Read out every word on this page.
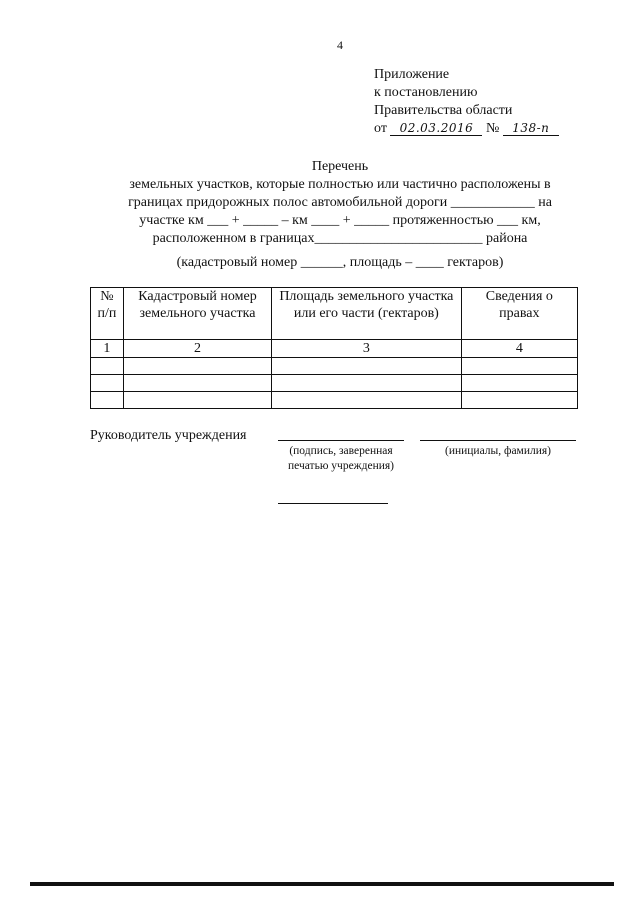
4
Приложение
к постановлению
Правительства области
от 02.03.2016 № 138-п
Перечень
земельных участков, которые полностью или частично расположены в
границах придорожных полос автомобильной дороги ____________ на
участке км ___ + _____ – км ____ + _____ протяженностью ___ км,
расположенном в границах________________________ района
(кадастровый номер ______, площадь – ____ гектаров)
№ п/п	Кадастровый номер земельного участка	Площадь земельного участка или его части (гектаров)	Сведения о правах
1	2	3	4

Руководитель учреждения
(подпись, заверенная печатью учреждения)
(инициалы, фамилия)
